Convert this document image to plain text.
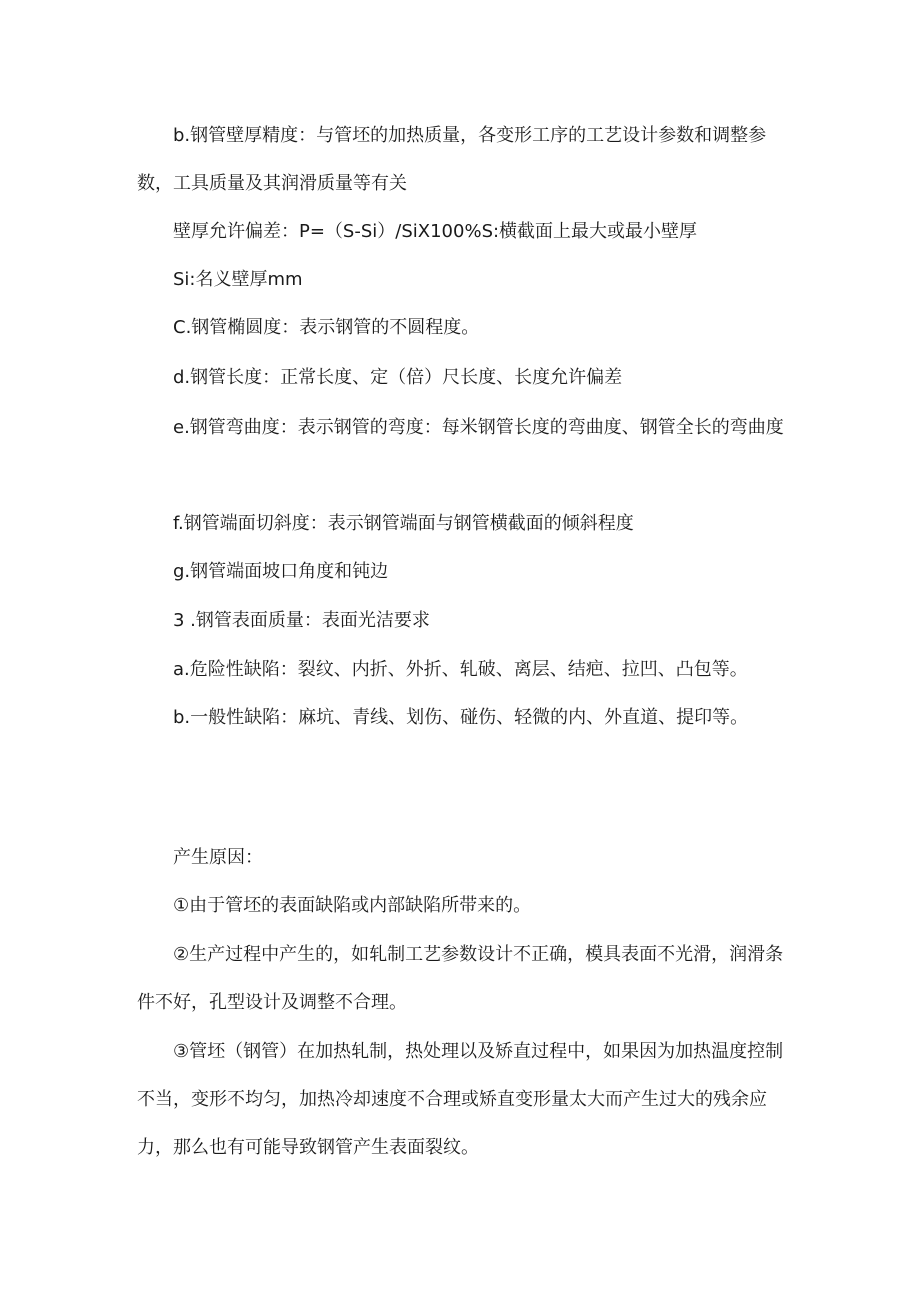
b.钢管壁厚精度：与管坯的加热质量，各变形工序的工艺设计参数和调整参数，工具质量及其润滑质量等有关

壁厚允许偏差：P=（S-Si）/SiX100%S:横截面上最大或最小壁厚

Si:名义壁厚mm

C.钢管椭圆度：表示钢管的不圆程度。

d.钢管长度：正常长度、定（倍）尺长度、长度允许偏差

e.钢管弯曲度：表示钢管的弯度：每米钢管长度的弯曲度、钢管全长的弯曲度

f.钢管端面切斜度：表示钢管端面与钢管横截面的倾斜程度

g.钢管端面坡口角度和钝边

3 .钢管表面质量：表面光洁要求

a.危险性缺陷：裂纹、内折、外折、轧破、离层、结疤、拉凹、凸包等。

b.一般性缺陷：麻坑、青线、划伤、碰伤、轻微的内、外直道、提印等。

产生原因：

①由于管坯的表面缺陷或内部缺陷所带来的。

②生产过程中产生的，如轧制工艺参数设计不正确，模具表面不光滑，润滑条件不好，孔型设计及调整不合理。

③管坯（钢管）在加热轧制，热处理以及矫直过程中，如果因为加热温度控制不当，变形不均匀，加热冷却速度不合理或矫直变形量太大而产生过大的残余应力，那么也有可能导致钢管产生表面裂纹。
